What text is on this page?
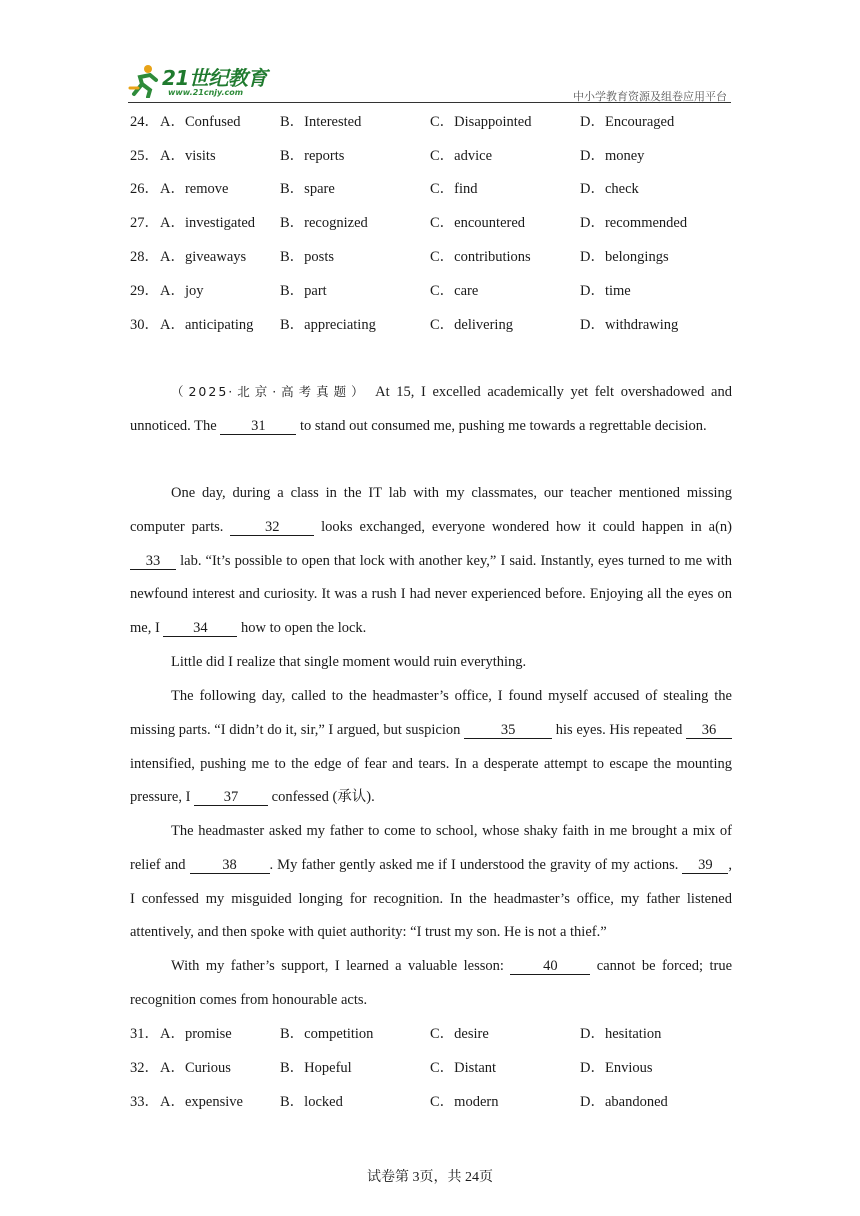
21世纪教育
www.21cnjy.com	中小学教育资源及组卷应用平台
24． A．Confused	B．Interested	C．Disappointed	D．Encouraged
25． A．visits	B．reports	C．advice	D．money
26． A．remove	B．spare	C．find	D．check
27． A．investigated B．recognized	C．encountered	D．recommended
28． A．giveaways B．posts	C．contributions	D．belongings
29． A．joy	B．part	C．care	D．time
30． A．anticipating B．appreciating	C．delivering	D．withdrawing
（2025·北京·高考真题） At 15, I excelled academically yet felt overshadowed and unnoticed. The 31 to stand out consumed me, pushing me towards a regrettable decision.
One day, during a class in the IT lab with my classmates, our teacher mentioned missing computer parts. 32 looks exchanged, everyone wondered how it could happen in a(n) 33 lab. “It’s possible to open that lock with another key,” I said. Instantly, eyes turned to me with newfound interest and curiosity. It was a rush I had never experienced before. Enjoying all the eyes on me, I 34 how to open the lock.
Little did I realize that single moment would ruin everything.
The following day, called to the headmaster’s office, I found myself accused of stealing the missing parts. “I didn’t do it, sir,” I argued, but suspicion	35	his eyes. His repeated 36 intensified, pushing me to the edge of fear and tears. In a desperate attempt to escape the mounting pressure, I 37 confessed (承认).
The headmaster asked my father to come to school, whose shaky faith in me brought a mix of relief and 38 . My father gently asked me if I understood the gravity of my actions. 39 , I confessed my misguided longing for recognition. In the headmaster’s office, my father listened attentively, and then spoke with quiet authority: “I trust my son. He is not a thief.”
With my father’s support, I learned a valuable lesson: 40 cannot be forced; true recognition comes from honourable acts.
31． A．promise	B．competition	C．desire	D．hesitation
32． A．Curious	B．Hopeful	C．Distant	D．Envious
33． A．expensive	B．locked	C．modern	D．abandoned
试卷第 3页，共 24页
